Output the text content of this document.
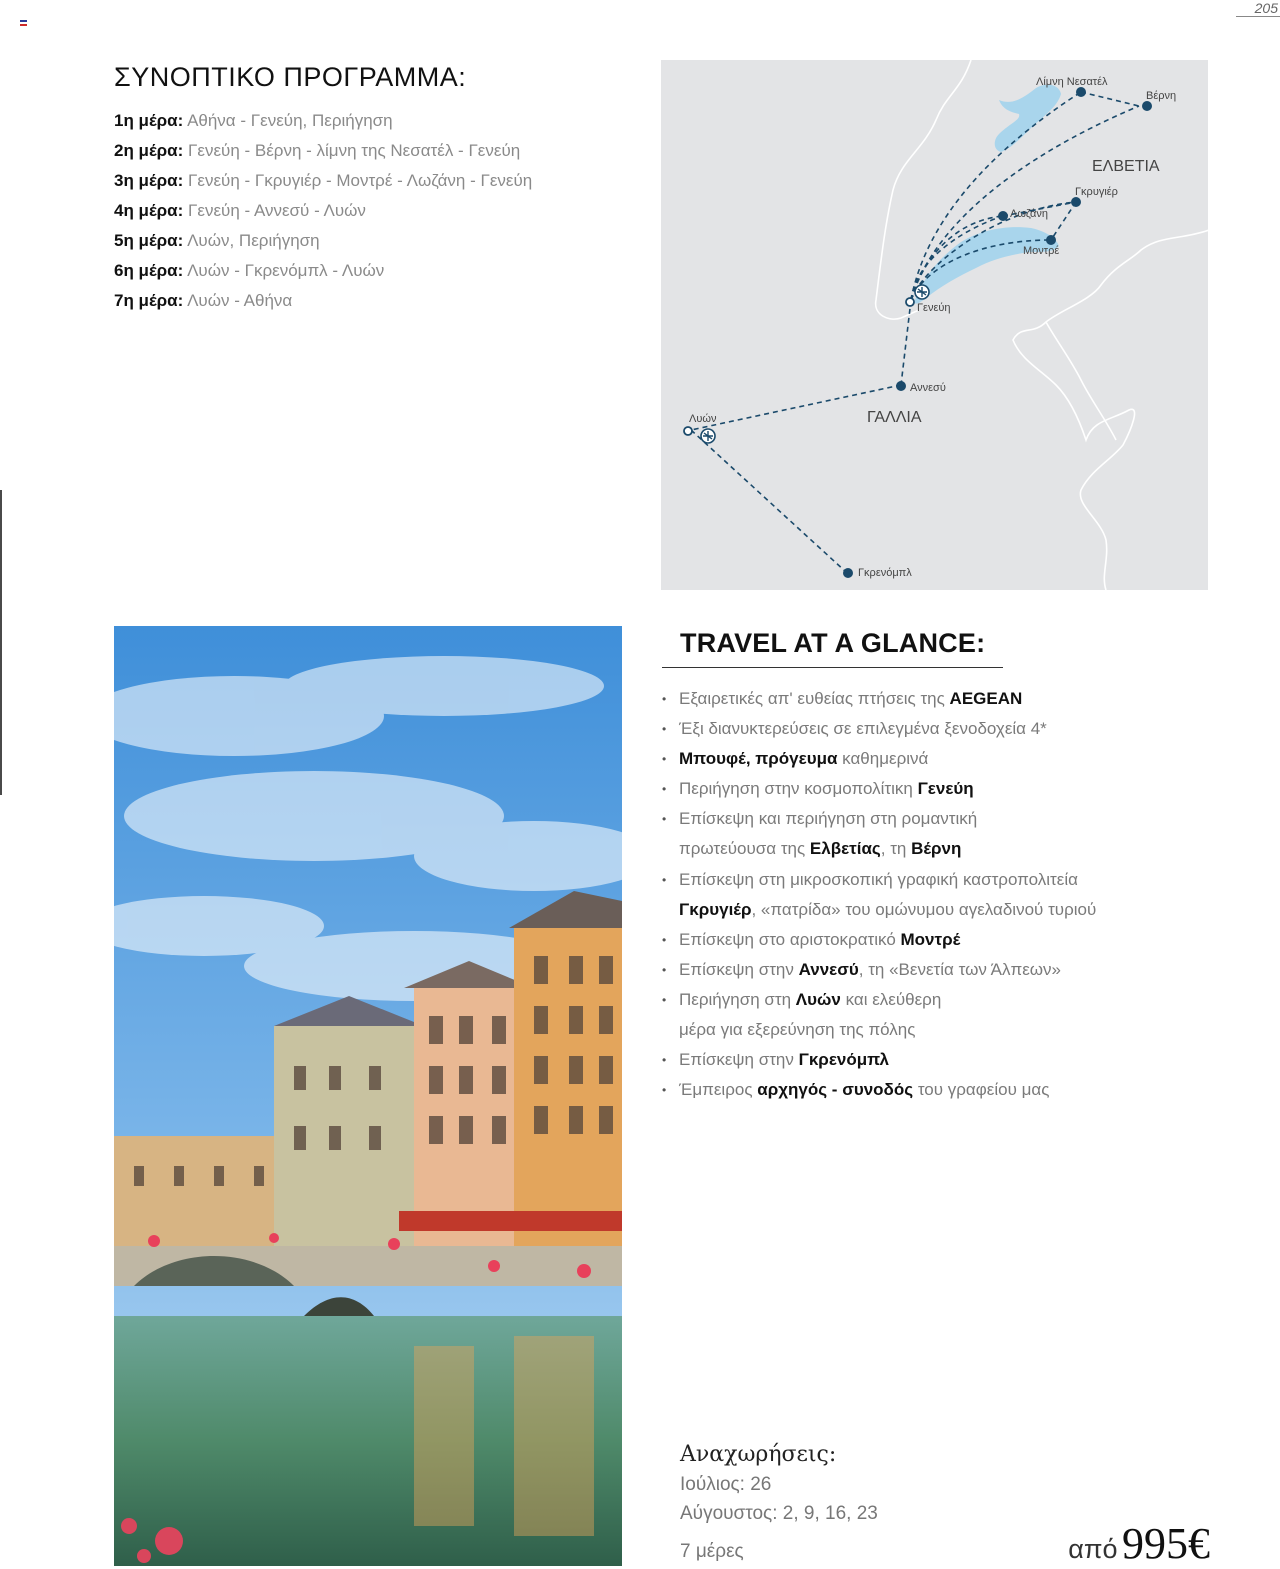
205
ΣΥΝΟΠΤΙΚΟ ΠΡΟΓΡΑΜΜΑ:
1η μέρα: Αθήνα - Γενεύη, Περιήγηση
2η μέρα: Γενεύη - Βέρνη - λίμνη της Νεσατέλ - Γενεύη
3η μέρα: Γενεύη - Γκρυγιέρ - Μοντρέ - Λωζάνη - Γενεύη
4η μέρα: Γενεύη - Αννεσύ - Λυών
5η μέρα: Λυών, Περιήγηση
6η μέρα: Λυών - Γκρενόμπλ - Λυών
7η μέρα: Λυών - Αθήνα
Λίμνη Νεσατέλ
Βέρνη
ΕΛΒΕΤΙΑ
Γκρυγιέρ
Λωζάνη
Μοντρέ
Γενεύη
Αννεσύ
ΓΑΛΛΙΑ
Λυών
Γκρενόμπλ
TRAVEL AT A GLANCE:
• Εξαιρετικές απ' ευθείας πτήσεις της AEGEAN
• Έξι διανυκτερεύσεις σε επιλεγμένα ξενοδοχεία 4*
• Μπουφέ, πρόγευμα καθημερινά
• Περιήγηση στην κοσμοπολίτικη Γενεύη
• Επίσκεψη και περιήγηση στη ρομαντική
πρωτεύουσα της Ελβετίας, τη Βέρνη
• Επίσκεψη στη μικροσκοπική γραφική καστροπολιτεία
Γκρυγιέρ, «πατρίδα» του ομώνυμου αγελαδινού τυριού
• Επίσκεψη στο αριστοκρατικό Μοντρέ
• Επίσκεψη στην Αννεσύ, τη «Βενετία των Άλπεων»
• Περιήγηση στη Λυών και ελεύθερη
μέρα για εξερεύνηση της πόλης
• Επίσκεψη στην Γκρενόμπλ
• Έμπειρος αρχηγός - συνοδός του γραφείου μας
Αναχωρήσεις:
Ιούλιος: 26
Αύγουστος: 2, 9, 16, 23
7 μέρες	από 995€
